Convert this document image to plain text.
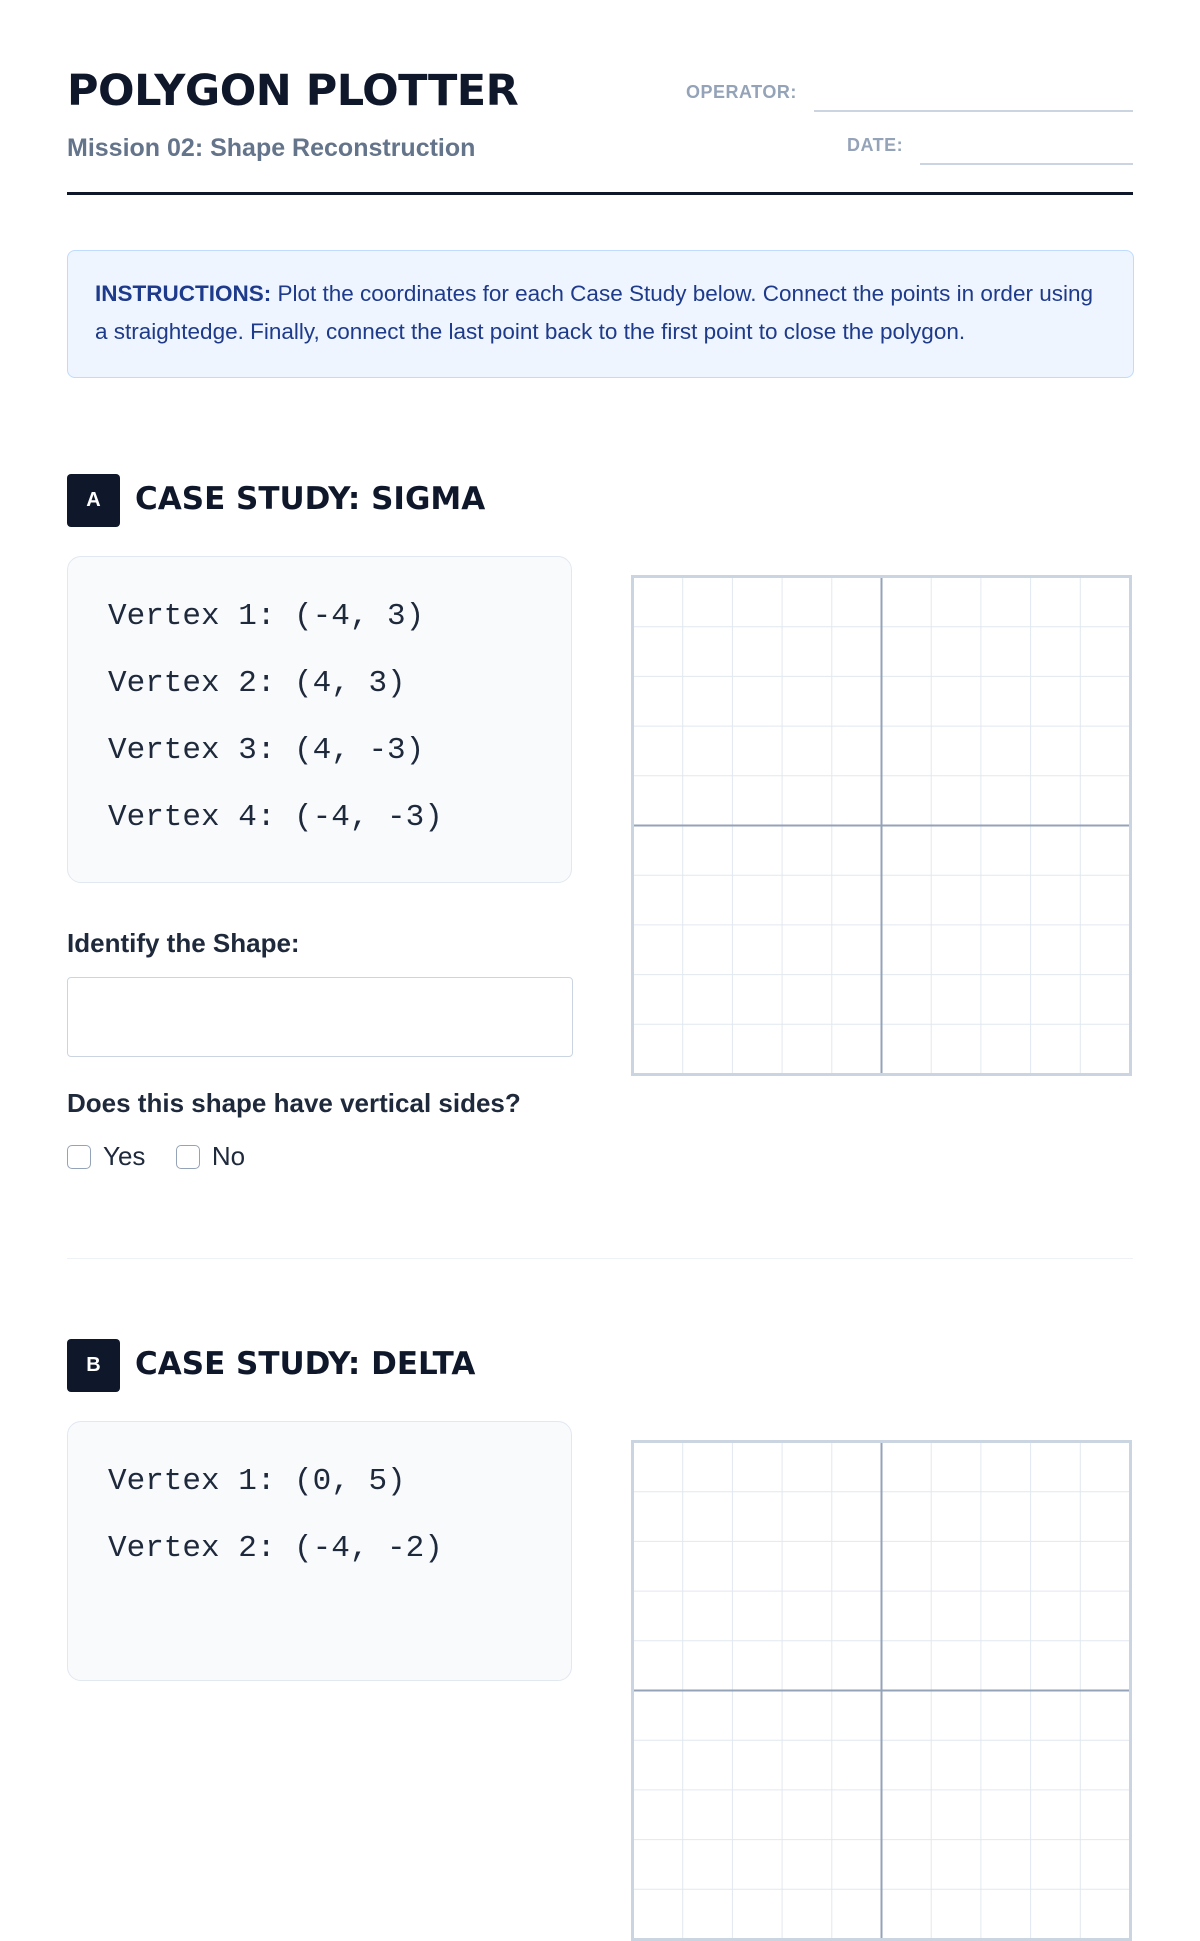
POLYGON PLOTTER
Mission 02: Shape Reconstruction
OPERATOR:
DATE:
INSTRUCTIONS: Plot the coordinates for each Case Study below. Connect the points in order using a straightedge. Finally, connect the last point back to the first point to close the polygon.
A	CASE STUDY: SIGMA
Vertex 1: (-4, 3)
Vertex 2: (4, 3)
Vertex 3: (4, -3)
Vertex 4: (-4, -3)
Identify the Shape:
Does this shape have vertical sides?
Yes	No
B	CASE STUDY: DELTA
Vertex 1: (0, 5)
Vertex 2: (-4, -2)
